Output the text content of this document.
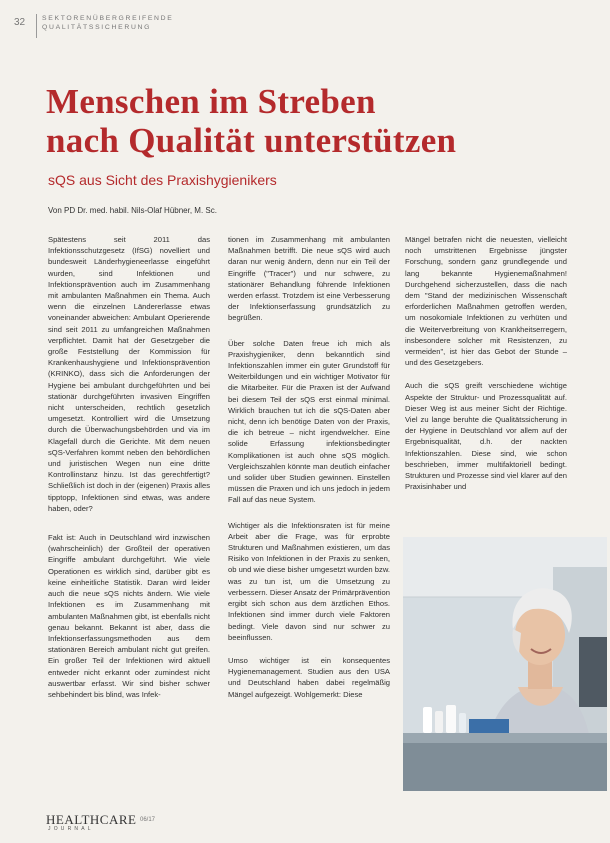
32 SEKTORENÜBERGREIFENDE
QUALITÄTSSICHERUNG
Menschen im Streben
nach Qualität unterstützen

sQS aus Sicht des Praxishygienikers

Von PD Dr. med. habil. Nils-Olaf Hübner, M. Sc.

Spätestens seit 2011 das Infektionsschutzgesetz (IfSG) novelliert und bundesweit Länderhygieneerlasse eingeführt wurden, sind Infektionen und Infektionsprävention auch im Zusammenhang mit ambulanten Maßnahmen ein Thema. Auch wenn die einzelnen Ländererlasse etwas voneinander abweichen: Ambulant Operierende sind seit 2011 zu umfangreichen Maßnahmen verpflichtet. Damit hat der Gesetzgeber die große Feststellung der Kommission für Krankenhaushygiene und Infektionsprävention (KRINKO), dass sich die Anforderungen der Hygiene bei ambulant durchgeführten und bei stationär durchgeführten invasiven Eingriffen nicht unterscheiden, rechtlich gesetzlich umgesetzt. Kontrolliert wird die Umsetzung durch die Überwachungsbehörden und via im Klagefall durch die Gerichte. Mit dem neuen sQS-Verfahren kommt neben den behördlichen und juristischen Wegen nun eine dritte Kontrollinstanz hinzu. Ist das gerechtfertigt? Schließlich ist doch in der (eigenen) Praxis alles tipptopp, Infektionen sind etwas, was andere haben, oder?

Fakt ist: Auch in Deutschland wird inzwischen (wahrscheinlich) der Großteil der operativen Eingriffe ambulant durchgeführt. Wie viele Operationen es wirklich sind, darüber gibt es keine einheitliche Statistik. Daran wird leider auch die neue sQS nichts ändern. Wie viele Infektionen es im Zusammenhang mit ambulanten Maßnahmen gibt, ist ebenfalls nicht genau bekannt. Bekannt ist aber, dass die Infektionserfassungsmethoden aus dem stationären Bereich ambulant nicht gut greifen. Ein großer Teil der Infektionen wird aktuell entweder nicht erkannt oder zumindest nicht auswertbar erfasst. Wir sind bisher schwer sehbehindert bis blind, was Infek-

tionen im Zusammenhang mit ambulanten Maßnahmen betrifft. Die neue sQS wird auch daran nur wenig ändern, denn nur ein Teil der Eingriffe ("Tracer") und nur schwere, zu stationärer Behandlung führende Infektionen werden erfasst. Trotzdem ist eine Verbesserung der Infektionserfassung grundsätzlich zu begrüßen.

Über solche Daten freue ich mich als Praxishygieniker, denn bekanntlich sind Infektionszahlen immer ein guter Grundstoff für Weiterbildungen und ein wichtiger Motivator für die Mitarbeiter. Für die Praxen ist der Aufwand bei diesem Teil der sQS erst einmal minimal. Wirklich brauchen tut ich die sQS-Daten aber nicht, denn ich benötige Daten von der Praxis, die ich betreue – nicht irgendwelcher. Eine solide Erfassung infektionsbedingter Komplikationen ist auch ohne sQS möglich. Vergleichszahlen könnte man deutlich einfacher und solider über Studien gewinnen. Einstellen müssen die Praxen und ich uns jedoch in jedem Fall auf das neue System.

Wichtiger als die Infektionsraten ist für meine Arbeit aber die Frage, was für erprobte Strukturen und Maßnahmen existieren, um das Risiko von Infektionen in der Praxis zu senken, ob und wie diese bisher umgesetzt wurden bzw. was zu tun ist, um die Umsetzung zu verbessern. Dieser Ansatz der Primärprävention ergibt sich schon aus dem ärztlichen Ethos. Infektionen sind immer durch viele Faktoren bedingt. Viele davon sind nur schwer zu beeinflussen.

Umso wichtiger ist ein konsequentes Hygienemanagement. Studien aus den USA und Deutschland haben dabei regelmäßig Mängel aufgezeigt. Wohlgemerkt: Diese

Mängel betrafen nicht die neuesten, vielleicht noch umstrittenen Ergebnisse jüngster Forschung, sondern ganz grundlegende und lang bekannte Hygienemaßnahmen! Durchgehend sicherzustellen, dass die nach dem "Stand der medizinischen Wissenschaft erforderlichen Maßnahmen getroffen werden, um nosokomiale Infektionen zu verhüten und die Weiterverbreitung von Krankheitserregern, insbesondere solcher mit Resistenzen, zu vermeiden", ist hier das Gebot der Stunde – und des Gesetzgebers.

Auch die sQS greift verschiedene wichtige Aspekte der Struktur- und Prozessqualität auf. Dieser Weg ist aus meiner Sicht der Richtige. Viel zu lange beruhte die Qualitätssicherung in der Hygiene in Deutschland vor allem auf der Ergebnisqualität, d.h. der nackten Infektionszahlen. Diese sind, wie schon beschrieben, immer multifaktoriell bedingt. Strukturen und Prozesse sind viel klarer auf den Praxisinhaber und

HEALTHCARE
JOURNAL
06/17
